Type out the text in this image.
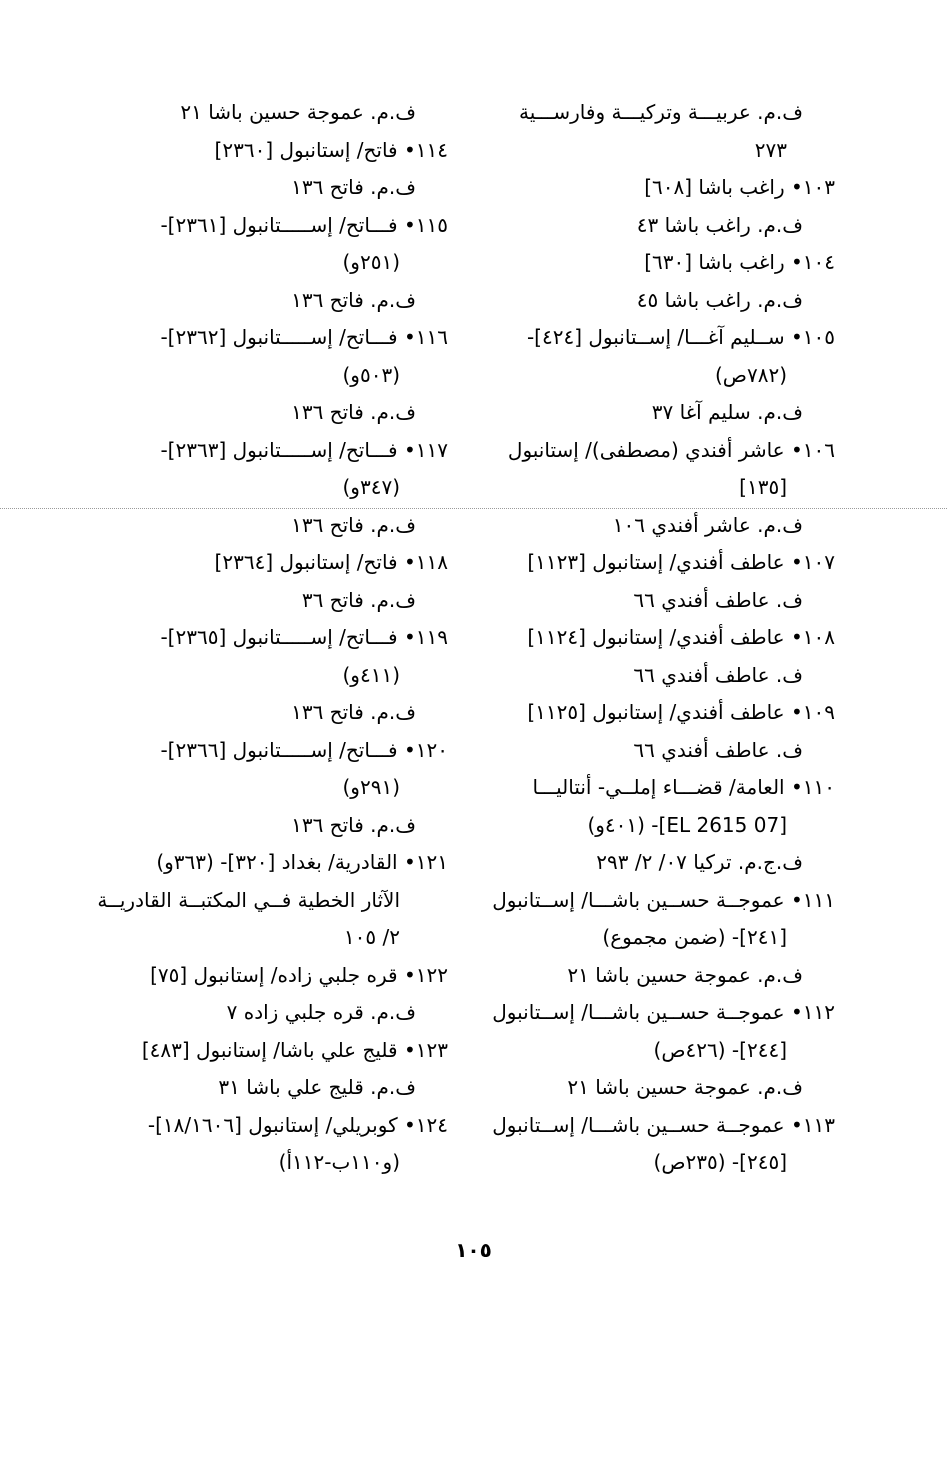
ف.م. عربيـــة وتركيـــة وفارســـية
٢٧٣
١٠٣• راغب باشا [٦٠٨]
ف.م. راغب باشا ٤٣
١٠٤• راغب باشا [٦٣٠]
ف.م. راغب باشا ٤٥
١٠٥• ســليم آغـــا/ إســتانبول [٤٢٤]-
(٧٨٢ص)
ف.م. سليم آغا ٣٧
١٠٦• عاشر أفندي (مصطفى)/ إستانبول
[١٣٥]
ف.م. عاشر أفندي ١٠٦
١٠٧• عاطف أفندي/ إستانبول [١١٢٣]
ف. عاطف أفندي ٦٦
١٠٨• عاطف أفندي/ إستانبول [١١٢٤]
ف. عاطف أفندي ٦٦
١٠٩• عاطف أفندي/ إستانبول [١١٢٥]
ف. عاطف أفندي ٦٦
١١٠• العامة/ قضـــاء إملــي- أنتاليـــا
[07 EL 2615]- (٤٠١و)
ف.ج.م. تركيا ٠٧/ ٢/ ٢٩٣
١١١• عموجــة حســين باشـــا/ إســتانبول
[٢٤١]- (ضمن مجموع)
ف.م. عموجة حسين باشا ٢١
١١٢• عموجــة حســين باشـــا/ إســتانبول
[٢٤٤]- (٤٢٦ص)
ف.م. عموجة حسين باشا ٢١
١١٣• عموجــة حســين باشـــا/ إســتانبول
[٢٤٥]- (٢٣٥ص)
ف.م. عموجة حسين باشا ٢١
١١٤• فاتح/ إستانبول [٢٣٦٠]
ف.م. فاتح ١٣٦
١١٥• فـــاتح/ إســـــتانبول [٢٣٦١]-
(٢٥١و)
ف.م. فاتح ١٣٦
١١٦• فـــاتح/ إســـــتانبول [٢٣٦٢]-
(٥٠٣و)
ف.م. فاتح ١٣٦
١١٧• فـــاتح/ إســـــتانبول [٢٣٦٣]-
(٣٤٧و)
ف.م. فاتح ١٣٦
١١٨• فاتح/ إستانبول [٢٣٦٤]
ف.م. فاتح ٣٦
١١٩• فـــاتح/ إســـــتانبول [٢٣٦٥]-
(٤١١و)
ف.م. فاتح ١٣٦
١٢٠• فـــاتح/ إســـــتانبول [٢٣٦٦]-
(٢٩١و)
ف.م. فاتح ١٣٦
١٢١• القادرية/ بغداد [٣٢٠]- (٣٦٣و)
الآثار الخطية فــي المكتبــة القادريــة
٢/ ١٠٥
١٢٢• قره جلبي زاده/ إستانبول [٧٥]
ف.م. قره جلبي زاده ٧
١٢٣• قليج علي باشا/ إستانبول [٤٨٣]
ف.م. قليج علي باشا ٣١
١٢٤• كوبريلي/ إستانبول [١٨/١٦٠٦]-
(و١١٠ب-١١٢أ)
١٠٥
